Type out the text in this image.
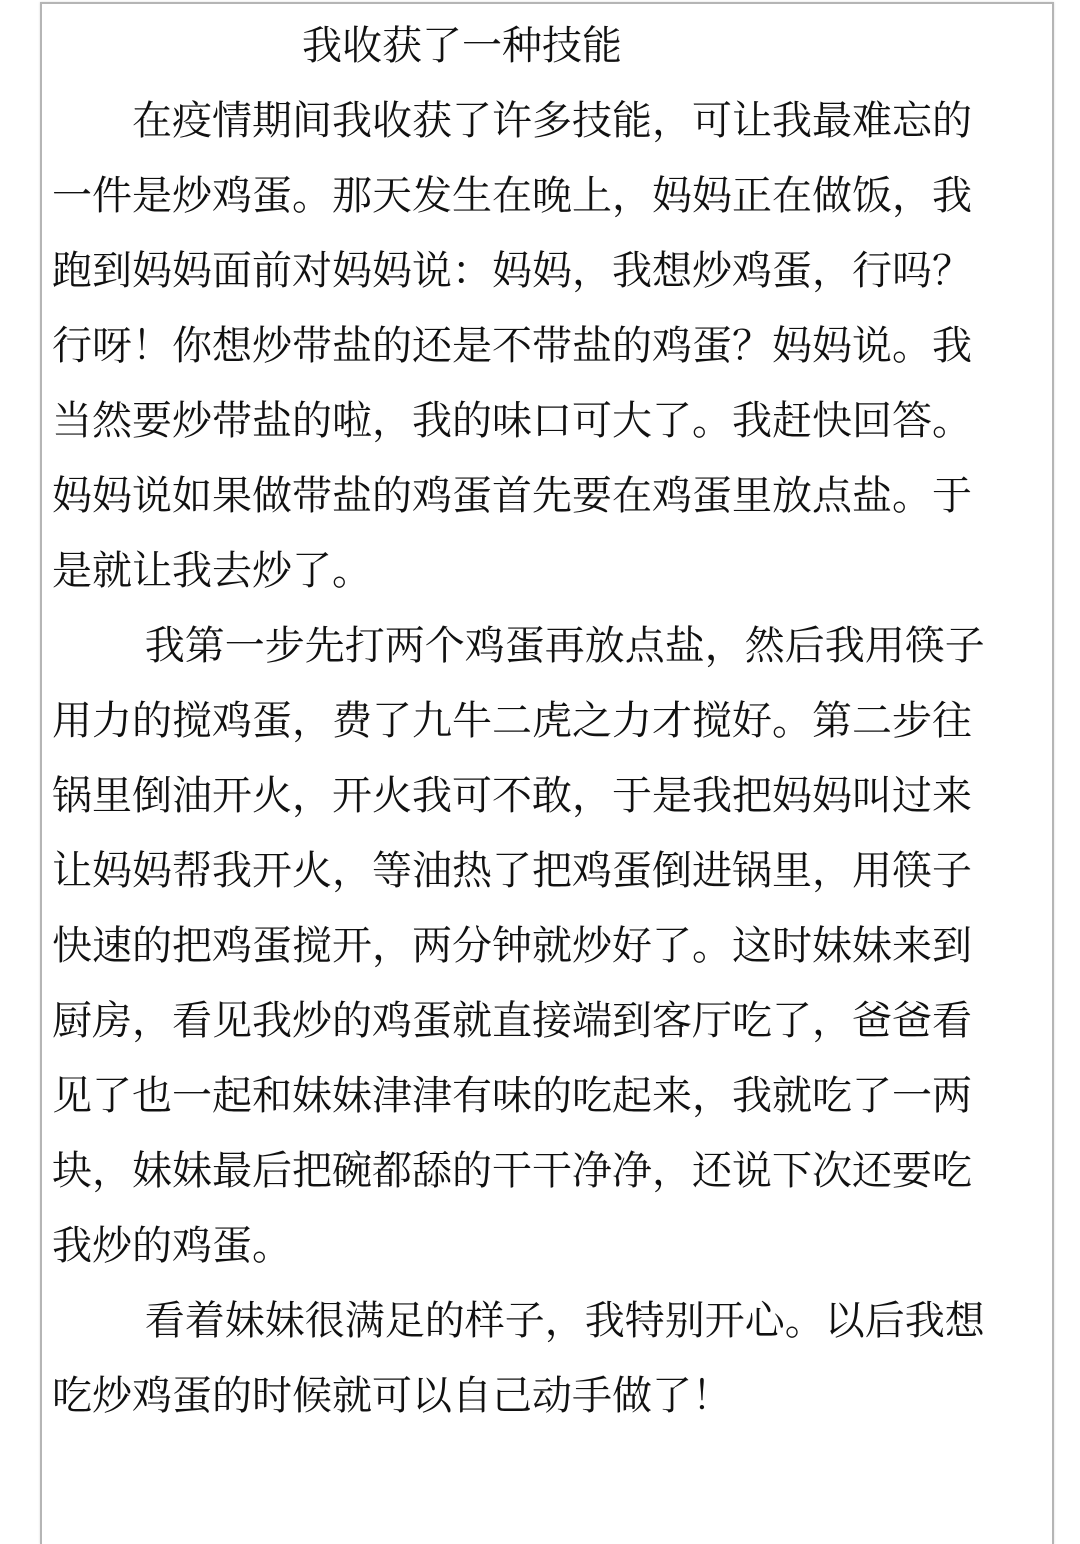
我收获了一种技能
　　在疫情期间我收获了许多技能，可让我最难忘的
一件是炒鸡蛋。那天发生在晚上，妈妈正在做饭，我
跑到妈妈面前对妈妈说：妈妈，我想炒鸡蛋，行吗？
行呀！你想炒带盐的还是不带盐的鸡蛋？妈妈说。我
当然要炒带盐的啦，我的味口可大了。我赶快回答。
妈妈说如果做带盐的鸡蛋首先要在鸡蛋里放点盐。于
是就让我去炒了。
　　 我第一步先打两个鸡蛋再放点盐，然后我用筷子
用力的搅鸡蛋，费了九牛二虎之力才搅好。第二步往
锅里倒油开火，开火我可不敢，于是我把妈妈叫过来
让妈妈帮我开火，等油热了把鸡蛋倒进锅里，用筷子
快速的把鸡蛋搅开，两分钟就炒好了。这时妹妹来到
厨房，看见我炒的鸡蛋就直接端到客厅吃了，爸爸看
见了也一起和妹妹津津有味的吃起来，我就吃了一两
块，妹妹最后把碗都舔的干干净净，还说下次还要吃
我炒的鸡蛋。
　　 看着妹妹很满足的样子，我特别开心。以后我想
吃炒鸡蛋的时候就可以自己动手做了！
